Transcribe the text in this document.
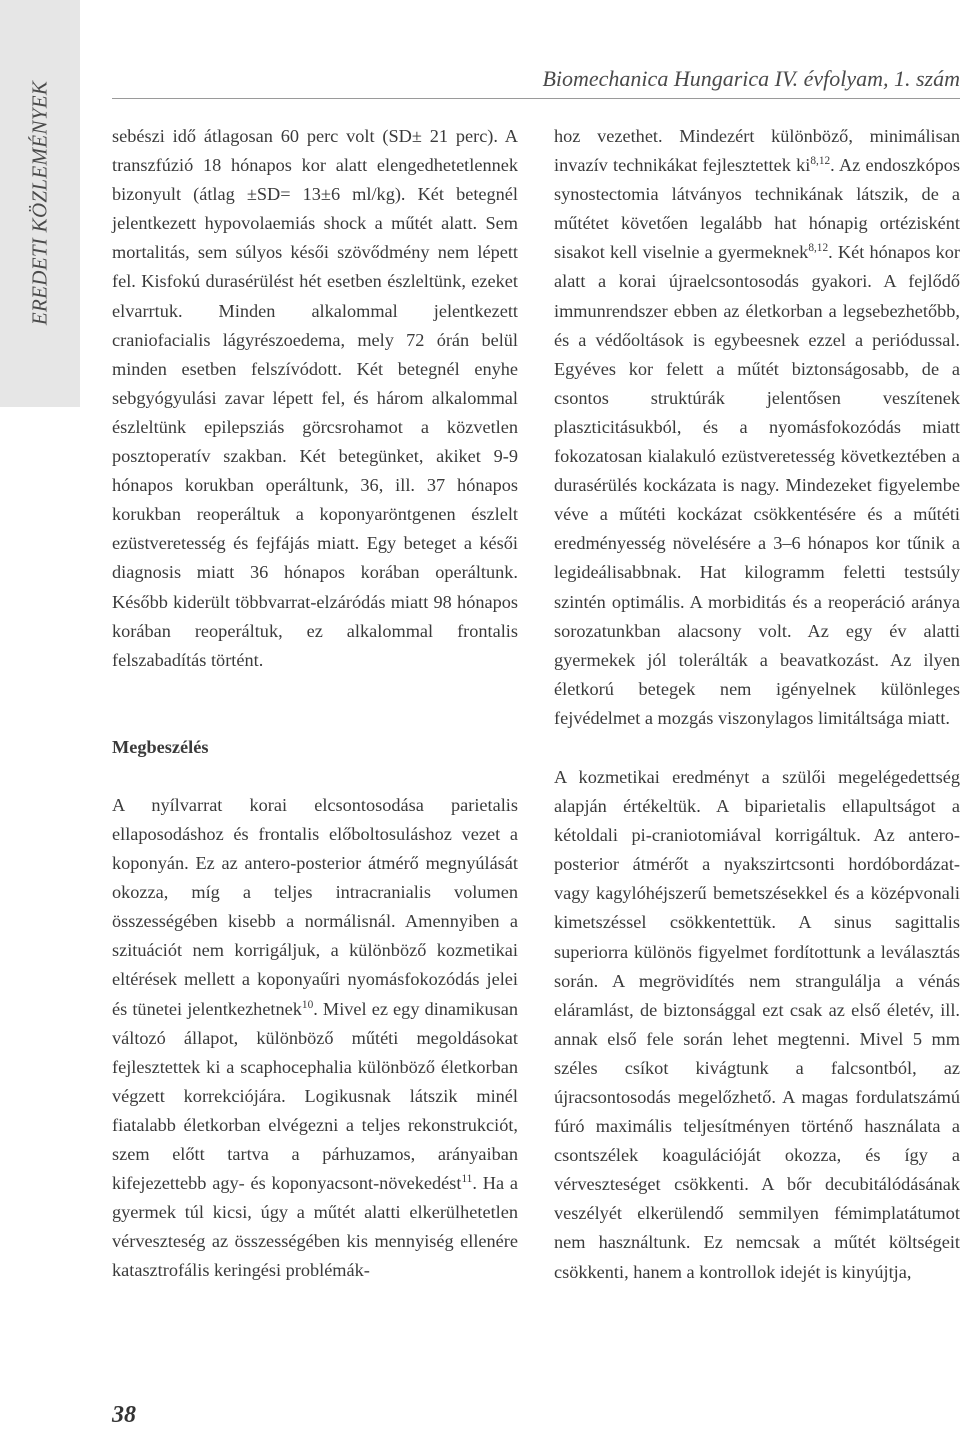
EREDETI KÖZLEMÉNYEK
Biomechanica Hungarica IV. évfolyam, 1. szám

sebészi idő átlagosan 60 perc volt (SD± 21 perc). A transzfúzió 18 hónapos kor alatt elengedhetetlennek bizonyult (átlag ±SD= 13±6 ml/kg). Két betegnél jelentkezett hypovolaemiás shock a műtét alatt. Sem mortalitás, sem súlyos késői szövődmény nem lépett fel. Kisfokú durasérülést hét esetben észleltünk, ezeket elvarrtuk. Minden alkalommal jelentkezett craniofacialis lágyrészoedema, mely 72 órán belül minden esetben felszívódott. Két betegnél enyhe sebgyógyulási zavar lépett fel, és három alkalommal észleltünk epilepsziás görcsrohamot a közvetlen posztoperatív szakban. Két betegünket, akiket 9-9 hónapos korukban operáltunk, 36, ill. 37 hónapos korukban reoperáltuk a koponyaröntgenen észlelt ezüstveretesség és fejfájás miatt. Egy beteget a késői diagnosis miatt 36 hónapos korában operáltunk. Később kiderült többvarrat-elzáródás miatt 98 hónapos korában reoperáltuk, ez alkalommal frontalis felszabadítás történt.

Megbeszélés

A nyílvarrat korai elcsontosodása parietalis ellaposodáshoz és frontalis előboltosuláshoz vezet a koponyán. Ez az antero-posterior átmérő megnyúlását okozza, míg a teljes intracranialis volumen összességében kisebb a normálisnál. Amennyiben a szituációt nem korrigáljuk, a különböző kozmetikai eltérések mellett a koponyaűri nyomásfokozódás jelei és tünetei jelentkezhetnek$^{10}$. Mivel ez egy dinamikusan változó állapot, különböző műtéti megoldásokat fejlesztettek ki a scaphocephalia különböző életkorban végzett korrekciójára. Logikusnak látszik minél fiatalabb életkorban elvégezni a teljes rekonstrukciót, szem előtt tartva a párhuzamos, arányaiban kifejezettebb agy- és koponyacsont-növekedést$^{11}$. Ha a gyermek túl kicsi, úgy a műtét alatti elkerülhetetlen vérveszteség az összességében kis mennyiség ellenére katasztrofális keringési problémák-

hoz vezethet. Mindezért különböző, minimálisan invazív technikákat fejlesztettek ki$^{8,12}$. Az endoszkópos synostectomia látványos technikának látszik, de a műtétet követően legalább hat hónapig ortézisként sisakot kell viselnie a gyermeknek$^{8,12}$. Két hónapos kor alatt a korai újraelcsontosodás gyakori. A fejlődő immunrendszer ebben az életkorban a legsebezhetőbb, és a védőoltások is egybeesnek ezzel a periódussal. Egyéves kor felett a műtét biztonságosabb, de a csontos struktúrák jelentősen veszítenek plaszticitásukból, és a nyomásfokozódás miatt fokozatosan kialakuló ezüstveretesség következtében a durasérülés kockázata is nagy. Mindezeket figyelembe véve a műtéti kockázat csökkentésére és a műtéti eredményesség növelésére a 3–6 hónapos kor tűnik a legideálisabbnak. Hat kilogramm feletti testsúly szintén optimális. A morbiditás és a reoperáció aránya sorozatunkban alacsony volt. Az egy év alatti gyermekek jól tolerálták a beavatkozást. Az ilyen életkorú betegek nem igényelnek különleges fejvédelmet a mozgás viszonylagos limitáltsága miatt.

A kozmetikai eredményt a szülői megelégedettség alapján értékeltük. A biparietalis ellapultságot a kétoldali pi-craniotomiával korrigáltuk. Az antero-posterior átmérőt a nyakszirtcsonti hordóbordázat- vagy kagylóhéjszerű bemetszésekkel és a középvonali kimetszéssel csökkentettük. A sinus sagittalis superiorra különös figyelmet fordítottunk a leválasztás során. A megrövidítés nem strangulálja a vénás eláramlást, de biztonsággal ezt csak az első életév, ill. annak első fele során lehet megtenni. Mivel 5 mm széles csíkot kivágtunk a falcsontból, az újracsontosodás megelőzhető. A magas fordulatszámú fúró maximális teljesítményen történő használata a csontszélek koagulációját okozza, és így a vérveszteséget csökkenti. A bőr decubitálódásának veszélyét elkerülendő semmilyen fémimplatátumot nem használtunk. Ez nemcsak a műtét költségeit csökkenti, hanem a kontrollok idejét is kinyújtja,

38
